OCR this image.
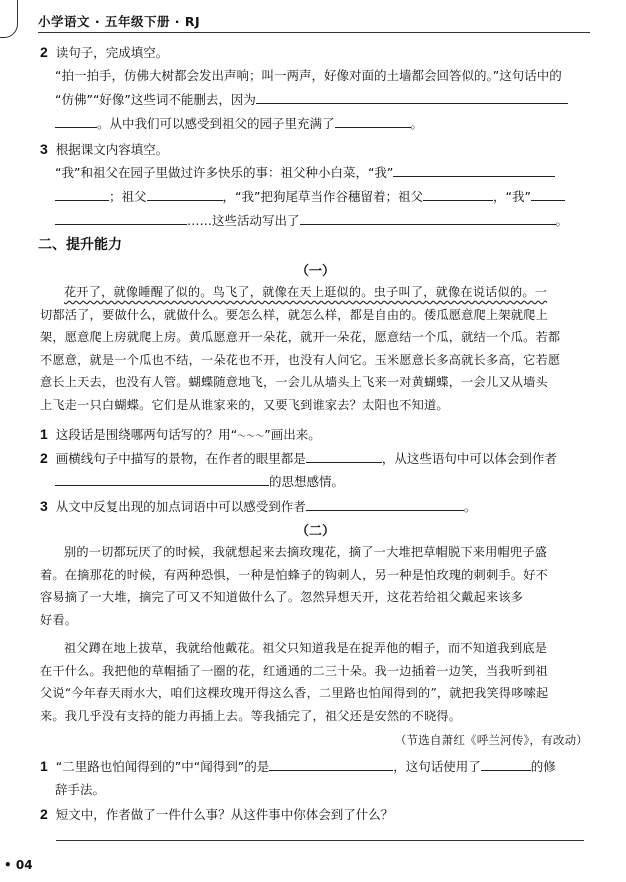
小学语文 · 五年级下册 · RJ
2 读句子，完成填空。
“拍一拍手，仿佛大树都会发出声响；叫一两声，好像对面的土墙都会回答似的。”这句话中的
“仿佛”“好像”这些词不能删去，因为
。从中我们可以感受到祖父的园子里充满了	。
3 根据课文内容填空。
“我”和祖父在园子里做过许多快乐的事：祖父种小白菜，“我”
；祖父	，“我”把狗尾草当作谷穗留着；祖父	，“我”
……这些活动写出了	。
二、提升能力
（一）
花开了，就像睡醒了似的。鸟飞了，就像在天上逛似的。虫子叫了，就像在说话似的。一
切都活了，要做什么，就做什么。要怎么样，就怎么样，都是自由的。倭瓜愿意爬上架就爬上
架，愿意爬上房就爬上房。黄瓜愿意开一朵花，就开一朵花，愿意结一个瓜，就结一个瓜。若都
不愿意，就是一个瓜也不结，一朵花也不开，也没有人问它。玉米愿意长多高就长多高，它若愿
意长上天去，也没有人管。蝴蝶随意地飞，一会儿从墙头上飞来一对黄蝴蝶，一会儿又从墙头
上飞走一只白蝴蝶。它们是从谁家来的，又要飞到谁家去？太阳也不知道。
1 这段话是围绕哪两句话写的？用“～～～”画出来。
2 画横线句子中描写的景物，在作者的眼里都是	，从这些语句中可以体会到作者
的思想感情。
3 从文中反复出现的加点词语中可以感受到作者	。
（二）
别的一切都玩厌了的时候，我就想起来去摘玫瑰花，摘了一大堆把草帽脱下来用帽兜子盛
着。在摘那花的时候，有两种恐惧，一种是怕蜂子的钩刺人，另一种是怕玫瑰的刺刺手。好不
容易摘了一大堆，摘完了可又不知道做什么了。忽然异想天开，这花若给祖父戴起来该多
好看。
祖父蹲在地上拔草，我就给他戴花。祖父只知道我是在捉弄他的帽子，而不知道我到底是
在干什么。我把他的草帽插了一圈的花，红通通的二三十朵。我一边插着一边笑，当我听到祖
父说“今年春天雨水大，咱们这棵玫瑰开得这么香，二里路也怕闻得到的”，就把我笑得哆嗦起
来。我几乎没有支持的能力再插上去。等我插完了，祖父还是安然的不晓得。
（节选自萧红《呼兰河传》，有改动）
1 “二里路也怕闻得到的”中“闻得到”的是	，这句话使用了	的修
辞手法。
2 短文中，作者做了一件什么事？从这件事中你体会到了什么？
• 04
